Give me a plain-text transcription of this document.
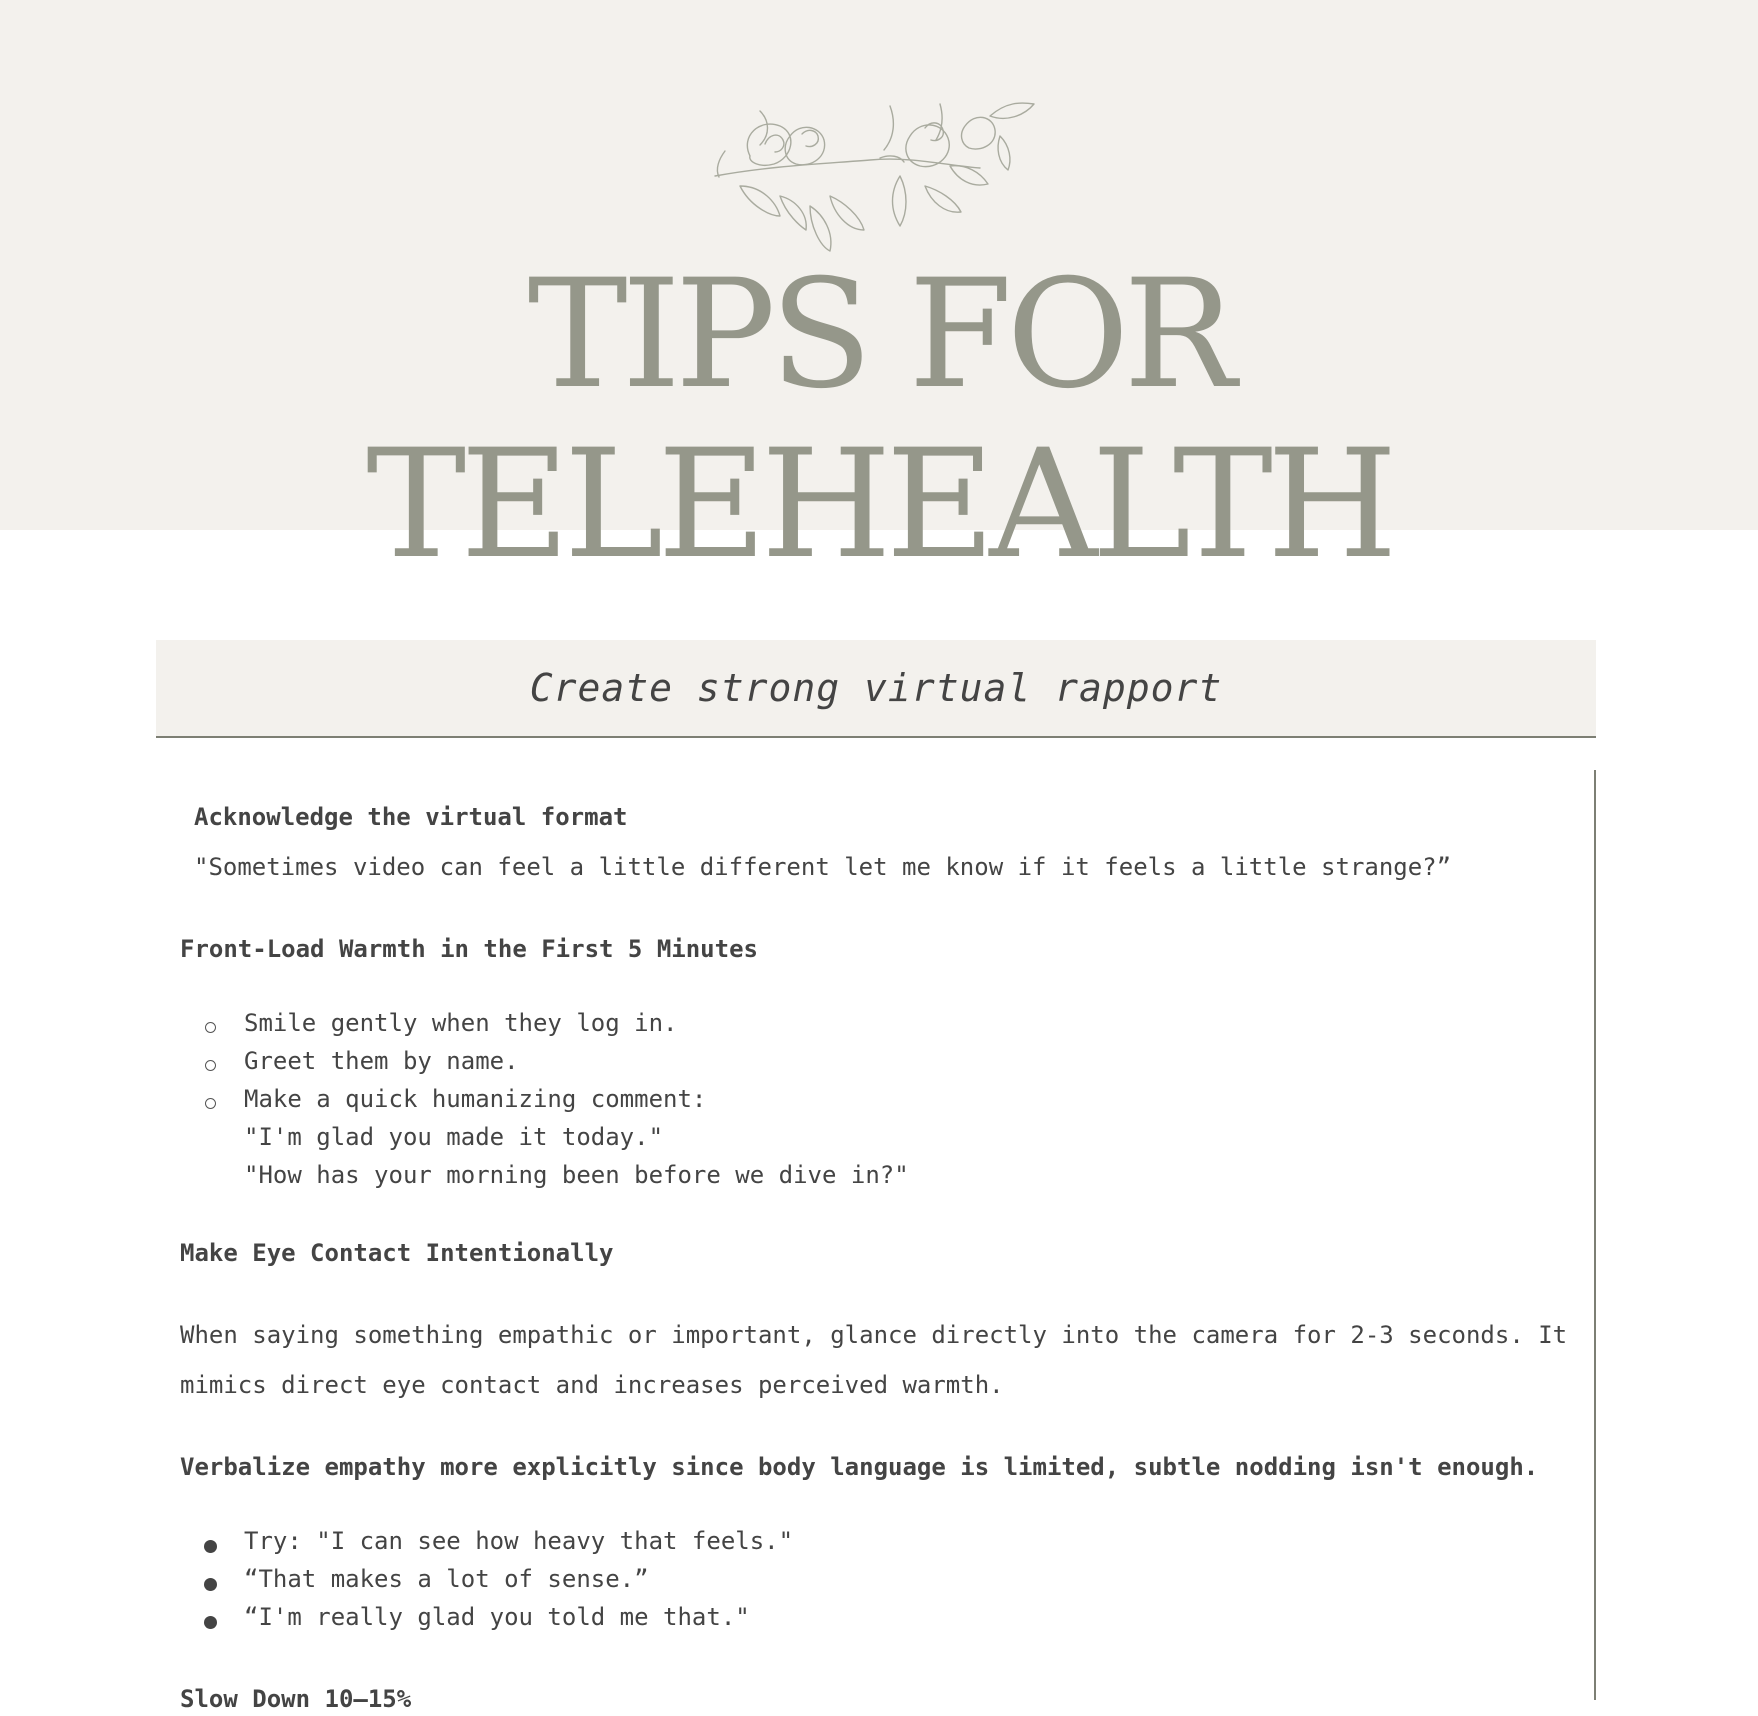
TIPS FOR TELEHEALTH
Create strong virtual rapport
Acknowledge the virtual format
"Sometimes video can feel a little different let me know if it feels a little strange?”
Front-Load Warmth in the First 5 Minutes
Smile gently when they log in.
Greet them by name.
Make a quick humanizing comment:
"I'm glad you made it today."
"How has your morning been before we dive in?"
Make Eye Contact Intentionally
When saying something empathic or important, glance directly into the camera for 2-3 seconds. It
mimics direct eye contact and increases perceived warmth.
Verbalize empathy more explicitly since body language is limited, subtle nodding isn't enough.
Try: "I can see how heavy that feels."
“That makes a lot of sense.”
“I'm really glad you told me that."
Slow Down 10–15%
